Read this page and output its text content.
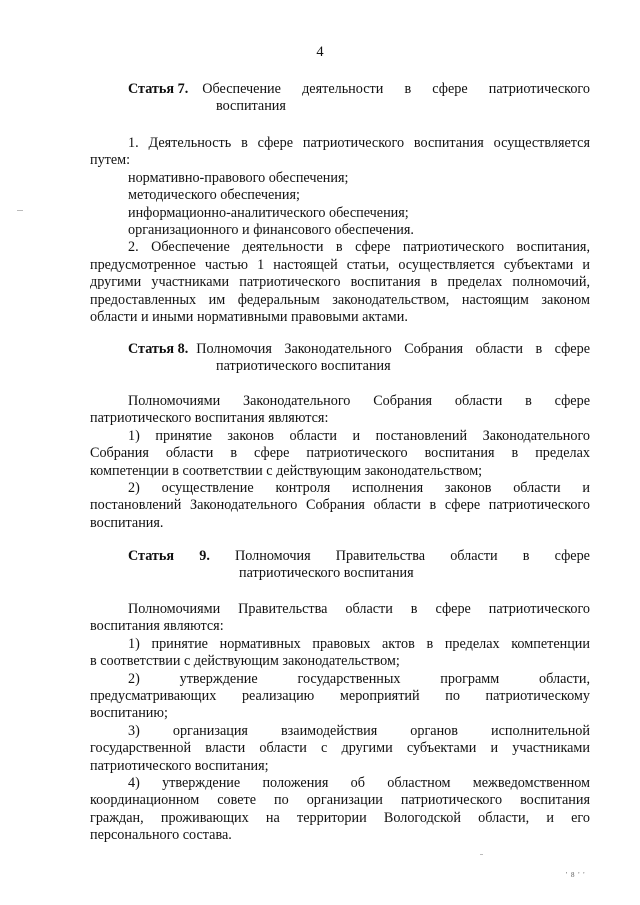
4
Статья 7. Обеспечение деятельности в сфере патриотического
воспитания

1. Деятельность в сфере патриотического воспитания осуществляется

путем:

нормативно-правового обеспечения;

методического обеспечения;

информационно-аналитического обеспечения;

организационного и финансового обеспечения.

2. Обеспечение деятельности в сфере патриотического воспитания,

предусмотренное частью 1 настоящей статьи, осуществляется субъектами и

другими участниками патриотического воспитания в пределах полномочий,

предоставленных им федеральным законодательством, настоящим законом

области и иными нормативными правовыми актами.

Статья 8. Полномочия Законодательного Собрания области в сфере
патриотического воспитания

Полномочиями Законодательного Собрания области в сфере

патриотического воспитания являются:

1) принятие законов области и постановлений Законодательного

Собрания области в сфере патриотического воспитания в пределах

компетенции в соответствии с действующим законодательством;

2) осуществление контроля исполнения законов области и

постановлений Законодательного Собрания области в сфере патриотического

воспитания.

Статья 9. Полномочия Правительства области в сфере
патриотического воспитания

Полномочиями Правительства области в сфере патриотического

воспитания являются:

1) принятие нормативных правовых актов в пределах компетенции

в соответствии с действующим законодательством;

2) утверждение государственных программ области,

предусматривающих реализацию мероприятий по патриотическому

воспитанию;

3) организация взаимодействия органов исполнительной

государственной власти области с другими субъектами и участниками

патриотического воспитания;

4) утверждение положения об областном межведомственном

координационном совете по организации патриотического воспитания

граждан, проживающих на территории Вологодской области, и его

персонального состава.

' 8 ' '
